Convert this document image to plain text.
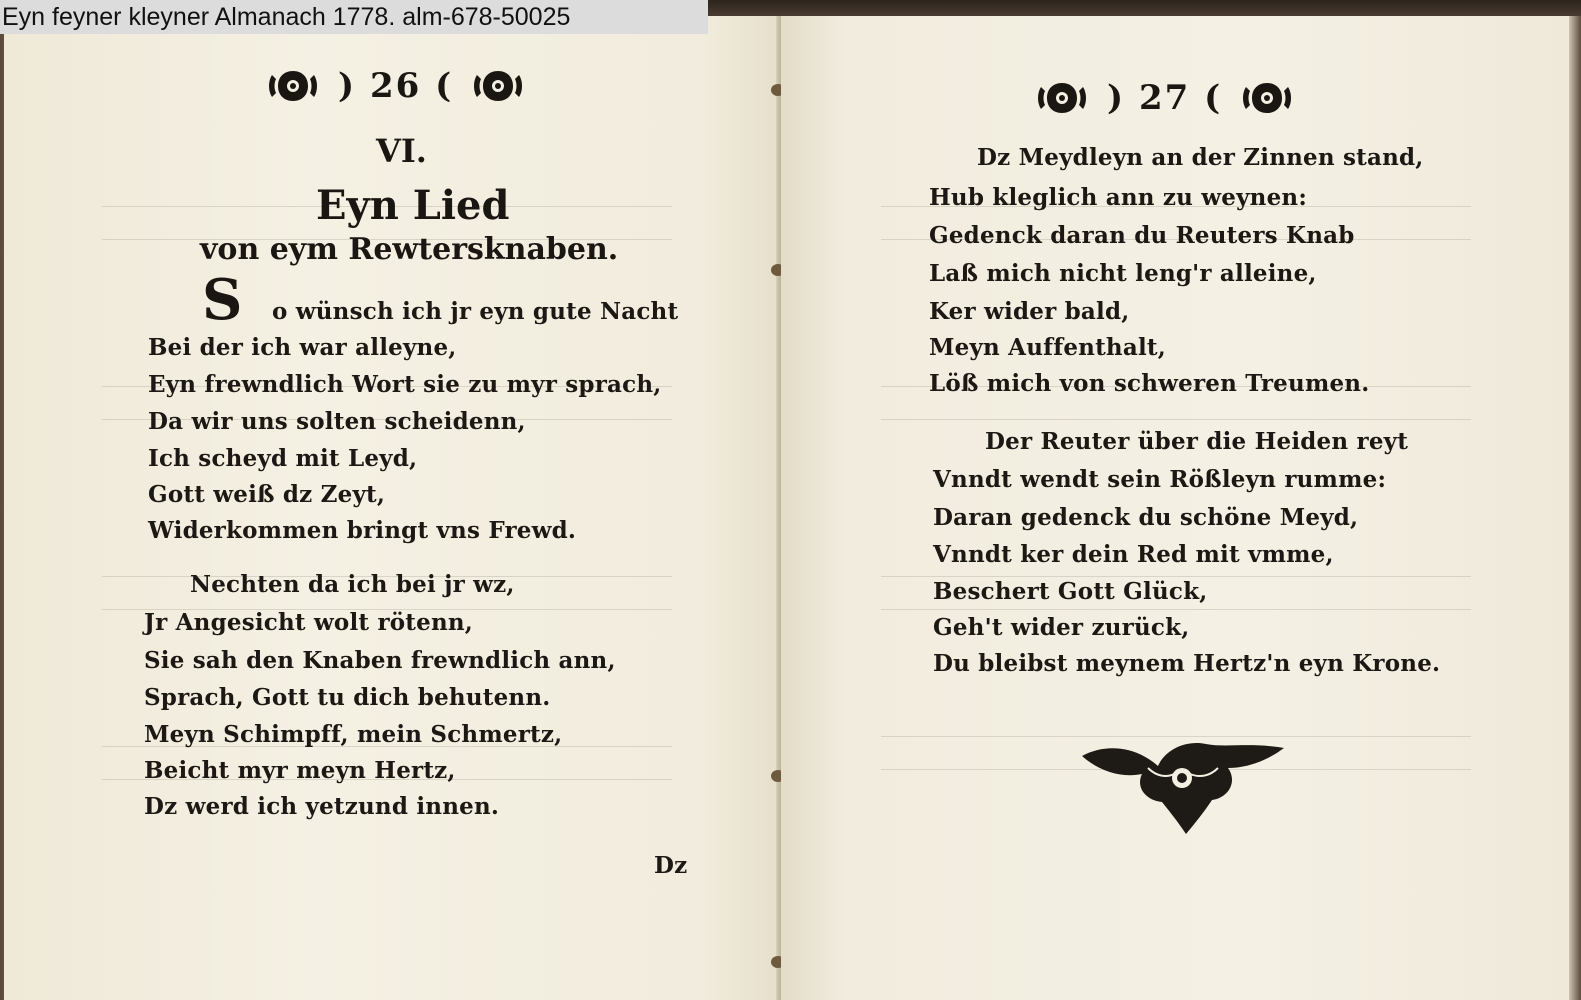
) 26 (
VI.
Eyn Lied
von eym Rewtersknaben.
S o wünsch ich jr eyn gute Nacht
Bei der ich war alleyne,
Eyn frewndlich Wort sie zu myr sprach,
Da wir uns solten scheidenn,
Ich scheyd mit Leyd,
Gott weiß dz Zeyt,
Widerkommen bringt vns Frewd.
Nechten da ich bei jr wz,
Jr Angesicht wolt rötenn,
Sie sah den Knaben frewndlich ann,
Sprach, Gott tu dich behutenn.
Meyn Schimpff, mein Schmertz,
Beicht myr meyn Hertz,
Dz werd ich yetzund innen.
Dz
) 27 (
Dz Meydleyn an der Zinnen stand,
Hub kleglich ann zu weynen:
Gedenck daran du Reuters Knab
Laß mich nicht leng'r alleine,
Ker wider bald,
Meyn Auffenthalt,
Löß mich von schweren Treumen.
Der Reuter über die Heiden reyt
Vnndt wendt sein Rößleyn rumme:
Daran gedenck du schöne Meyd,
Vnndt ker dein Red mit vmme,
Beschert Gott Glück,
Geh't wider zurück,
Du bleibst meynem Hertz'n eyn Krone.
Eyn feyner kleyner Almanach 1778. alm-678-50025
